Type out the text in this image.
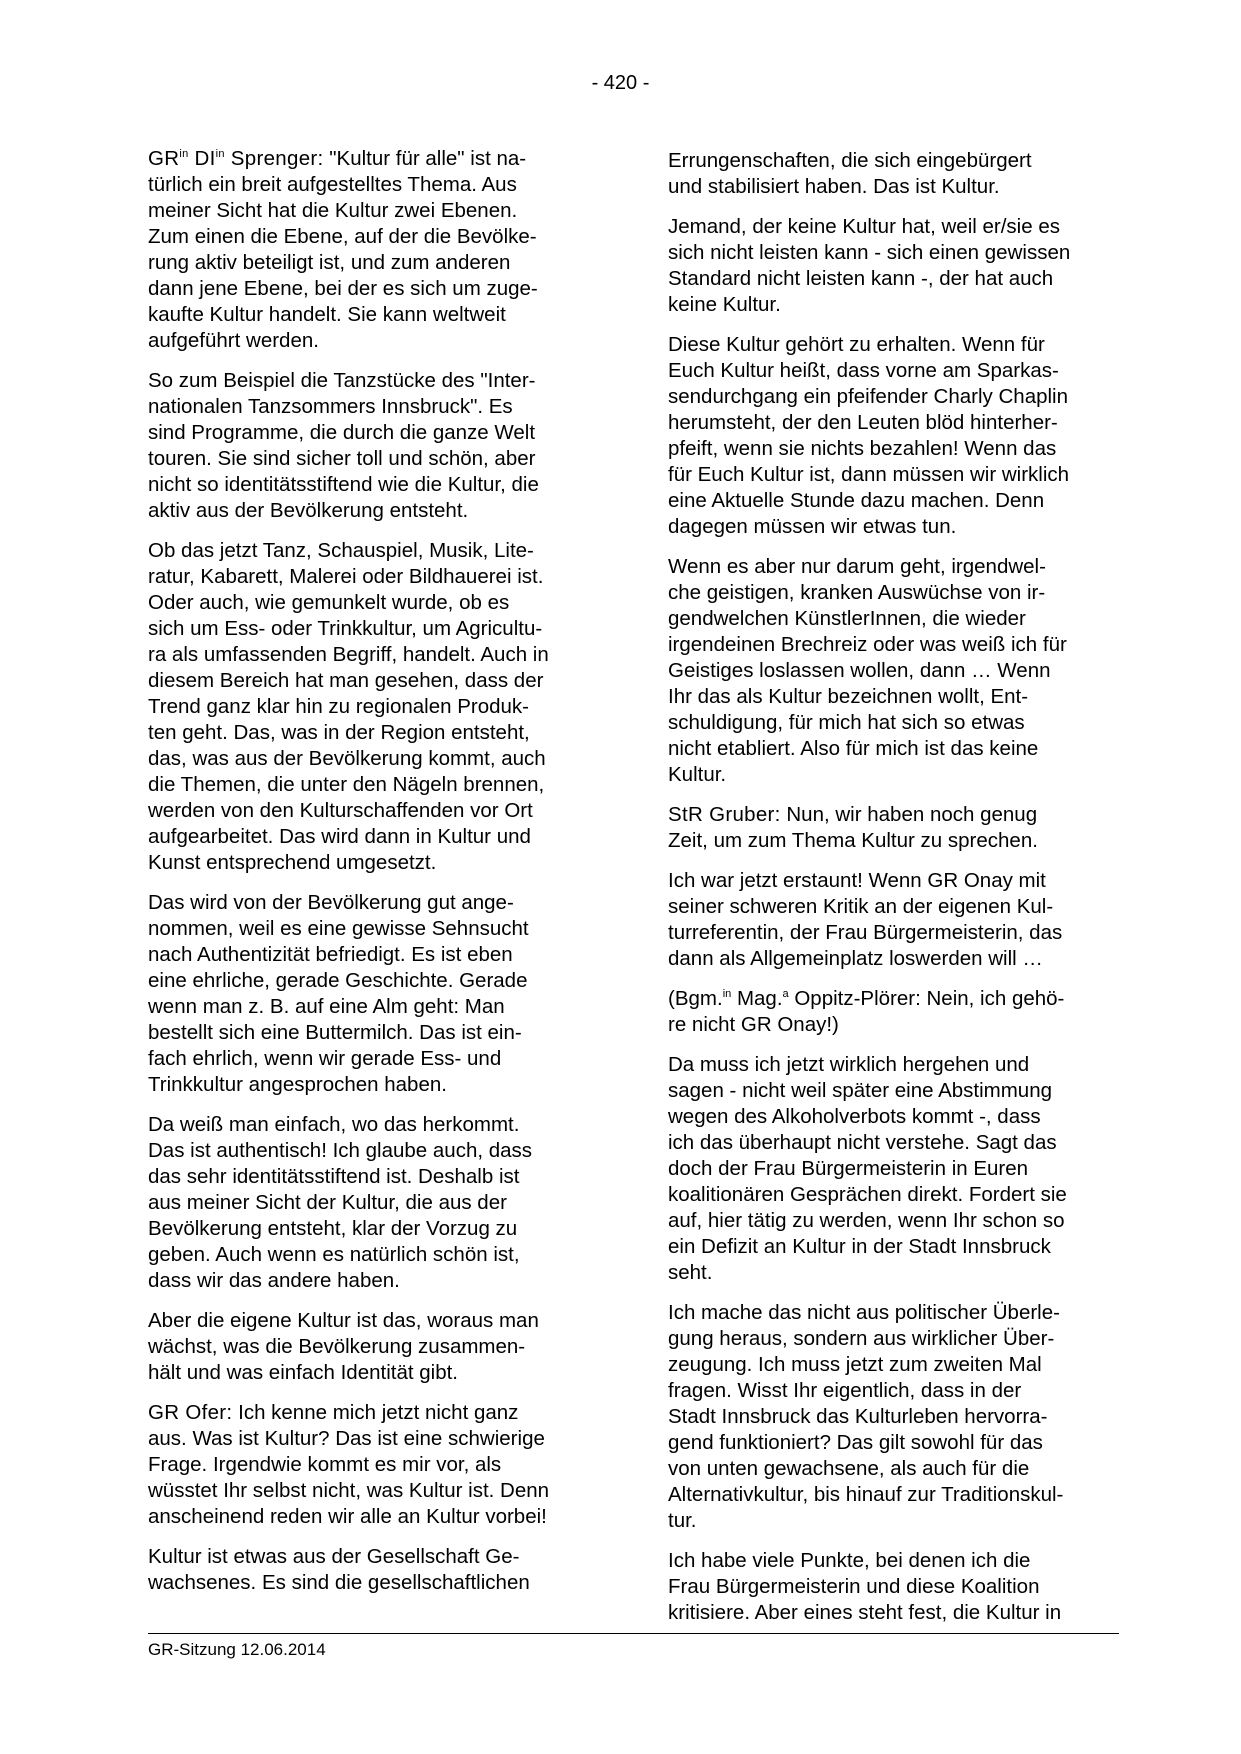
- 420 -
$GR^{in}$ $DI^{in}$ Sprenger: "Kultur für alle" ist na-
türlich ein breit aufgestelltes Thema. Aus
meiner Sicht hat die Kultur zwei Ebenen.
Zum einen die Ebene, auf der die Bevölke-
rung aktiv beteiligt ist, und zum anderen
dann jene Ebene, bei der es sich um zuge-
kaufte Kultur handelt. Sie kann weltweit
aufgeführt werden.
So zum Beispiel die Tanzstücke des "Inter-
nationalen Tanzsommers Innsbruck". Es
sind Programme, die durch die ganze Welt
touren. Sie sind sicher toll und schön, aber
nicht so identitätsstiftend wie die Kultur, die
aktiv aus der Bevölkerung entsteht.
Ob das jetzt Tanz, Schauspiel, Musik, Lite-
ratur, Kabarett, Malerei oder Bildhauerei ist.
Oder auch, wie gemunkelt wurde, ob es
sich um Ess- oder Trinkkultur, um Agricultu-
ra als umfassenden Begriff, handelt. Auch in
diesem Bereich hat man gesehen, dass der
Trend ganz klar hin zu regionalen Produk-
ten geht. Das, was in der Region entsteht,
das, was aus der Bevölkerung kommt, auch
die Themen, die unter den Nägeln brennen,
werden von den Kulturschaffenden vor Ort
aufgearbeitet. Das wird dann in Kultur und
Kunst entsprechend umgesetzt.
Das wird von der Bevölkerung gut ange-
nommen, weil es eine gewisse Sehnsucht
nach Authentizität befriedigt. Es ist eben
eine ehrliche, gerade Geschichte. Gerade
wenn man z. B. auf eine Alm geht: Man
bestellt sich eine Buttermilch. Das ist ein-
fach ehrlich, wenn wir gerade Ess- und
Trinkkultur angesprochen haben.
Da weiß man einfach, wo das herkommt.
Das ist authentisch! Ich glaube auch, dass
das sehr identitätsstiftend ist. Deshalb ist
aus meiner Sicht der Kultur, die aus der
Bevölkerung entsteht, klar der Vorzug zu
geben. Auch wenn es natürlich schön ist,
dass wir das andere haben.
Aber die eigene Kultur ist das, woraus man
wächst, was die Bevölkerung zusammen-
hält und was einfach Identität gibt.
GR Ofer: Ich kenne mich jetzt nicht ganz
aus. Was ist Kultur? Das ist eine schwierige
Frage. Irgendwie kommt es mir vor, als
wüsstet Ihr selbst nicht, was Kultur ist. Denn
anscheinend reden wir alle an Kultur vorbei!
Kultur ist etwas aus der Gesellschaft Ge-
wachsenes. Es sind die gesellschaftlichen
Errungenschaften, die sich eingebürgert
und stabilisiert haben. Das ist Kultur.
Jemand, der keine Kultur hat, weil er/sie es
sich nicht leisten kann - sich einen gewissen
Standard nicht leisten kann -, der hat auch
keine Kultur.
Diese Kultur gehört zu erhalten. Wenn für
Euch Kultur heißt, dass vorne am Sparkas-
sendurchgang ein pfeifender Charly Chaplin
herumsteht, der den Leuten blöd hinterher-
pfeift, wenn sie nichts bezahlen! Wenn das
für Euch Kultur ist, dann müssen wir wirklich
eine Aktuelle Stunde dazu machen. Denn
dagegen müssen wir etwas tun.
Wenn es aber nur darum geht, irgendwel-
che geistigen, kranken Auswüchse von ir-
gendwelchen KünstlerInnen, die wieder
irgendeinen Brechreiz oder was weiß ich für
Geistiges loslassen wollen, dann … Wenn
Ihr das als Kultur bezeichnen wollt, Ent-
schuldigung, für mich hat sich so etwas
nicht etabliert. Also für mich ist das keine
Kultur.
StR Gruber: Nun, wir haben noch genug
Zeit, um zum Thema Kultur zu sprechen.
Ich war jetzt erstaunt! Wenn GR Onay mit
seiner schweren Kritik an der eigenen Kul-
turreferentin, der Frau Bürgermeisterin, das
dann als Allgemeinplatz loswerden will …
(Bgm.$^{in}$ Mag.$^a$ Oppitz-Plörer: Nein, ich gehö-
re nicht GR Onay!)
Da muss ich jetzt wirklich hergehen und
sagen - nicht weil später eine Abstimmung
wegen des Alkoholverbots kommt -, dass
ich das überhaupt nicht verstehe. Sagt das
doch der Frau Bürgermeisterin in Euren
koalitionären Gesprächen direkt. Fordert sie
auf, hier tätig zu werden, wenn Ihr schon so
ein Defizit an Kultur in der Stadt Innsbruck
seht.
Ich mache das nicht aus politischer Überle-
gung heraus, sondern aus wirklicher Über-
zeugung. Ich muss jetzt zum zweiten Mal
fragen. Wisst Ihr eigentlich, dass in der
Stadt Innsbruck das Kulturleben hervorra-
gend funktioniert? Das gilt sowohl für das
von unten gewachsene, als auch für die
Alternativkultur, bis hinauf zur Traditionskul-
tur.
Ich habe viele Punkte, bei denen ich die
Frau Bürgermeisterin und diese Koalition
kritisiere. Aber eines steht fest, die Kultur in
GR-Sitzung 12.06.2014
